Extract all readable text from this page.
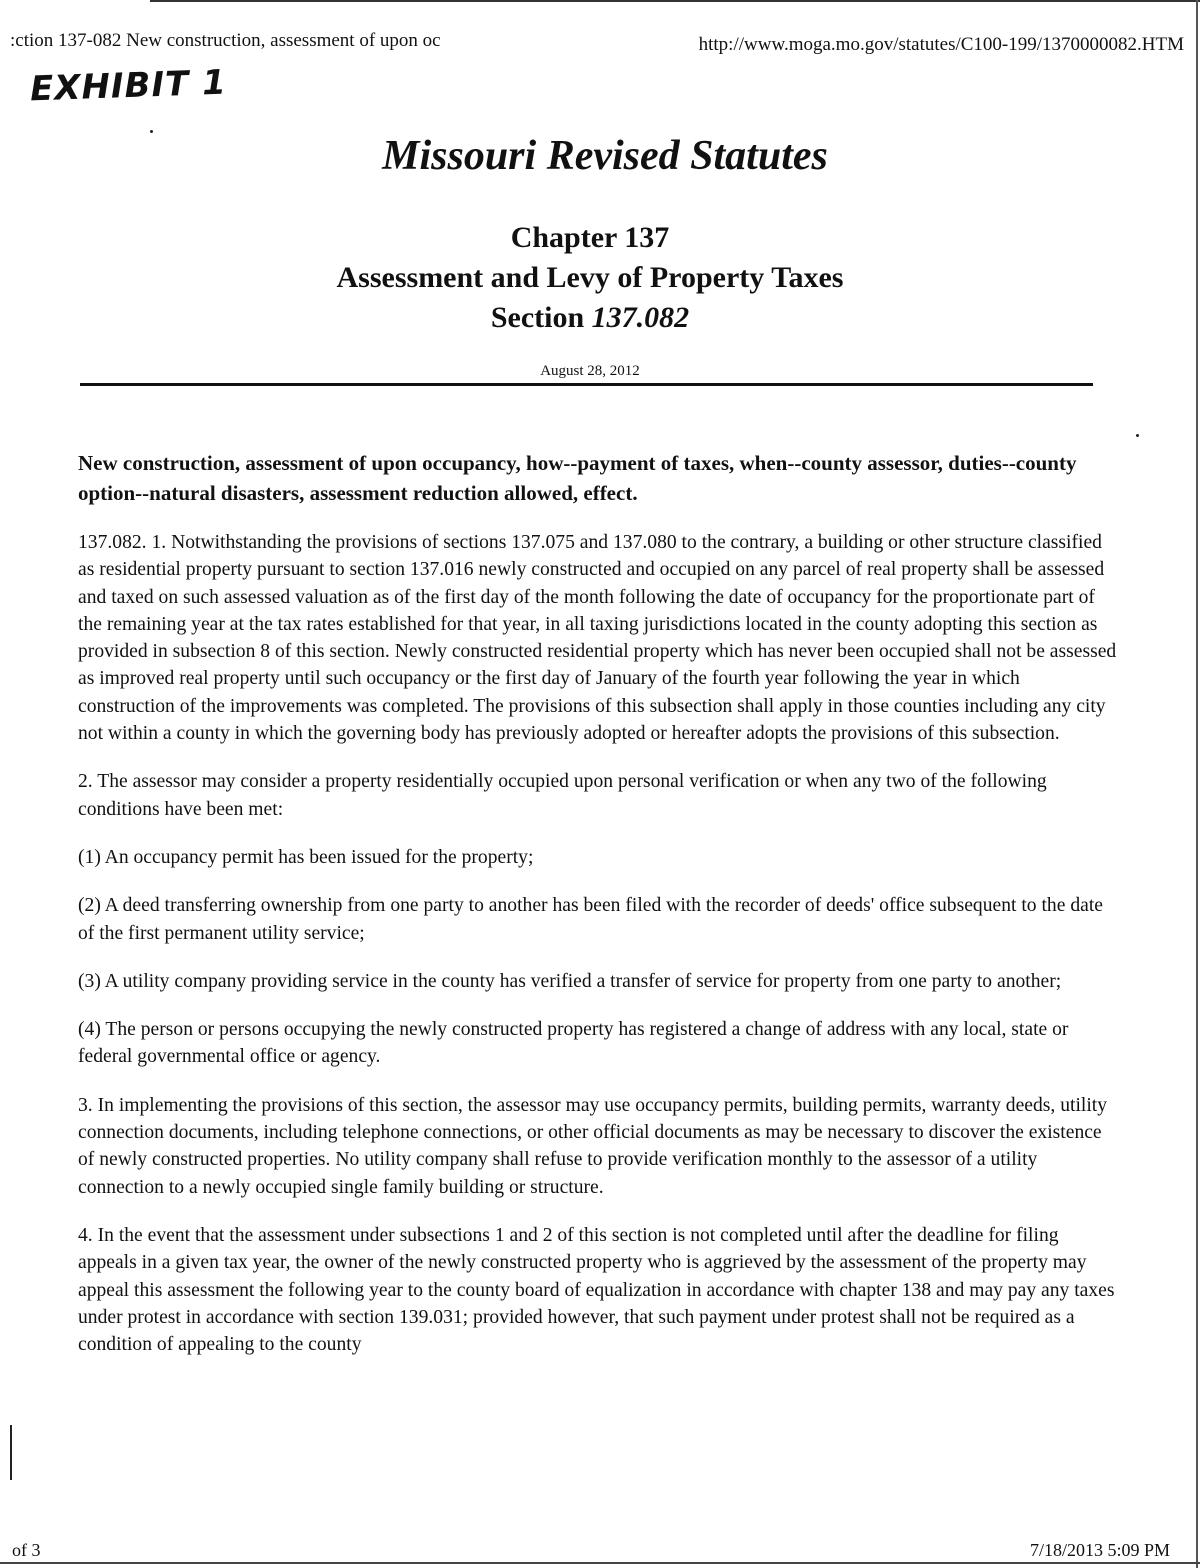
:ction 137-082 New construction, assessment of upon oc	http://www.moga.mo.gov/statutes/C100-199/1370000082.HTM
EXHIBIT 1
Missouri Revised Statutes
Chapter 137
Assessment and Levy of Property Taxes
Section 137.082
August 28, 2012
New construction, assessment of upon occupancy, how--payment of taxes, when--county assessor, duties--county option--natural disasters, assessment reduction allowed, effect.

137.082. 1. Notwithstanding the provisions of sections 137.075 and 137.080 to the contrary, a building or other structure classified as residential property pursuant to section 137.016 newly constructed and occupied on any parcel of real property shall be assessed and taxed on such assessed valuation as of the first day of the month following the date of occupancy for the proportionate part of the remaining year at the tax rates established for that year, in all taxing jurisdictions located in the county adopting this section as provided in subsection 8 of this section. Newly constructed residential property which has never been occupied shall not be assessed as improved real property until such occupancy or the first day of January of the fourth year following the year in which construction of the improvements was completed. The provisions of this subsection shall apply in those counties including any city not within a county in which the governing body has previously adopted or hereafter adopts the provisions of this subsection.

2. The assessor may consider a property residentially occupied upon personal verification or when any two of the following conditions have been met:

(1) An occupancy permit has been issued for the property;

(2) A deed transferring ownership from one party to another has been filed with the recorder of deeds' office subsequent to the date of the first permanent utility service;

(3) A utility company providing service in the county has verified a transfer of service for property from one party to another;

(4) The person or persons occupying the newly constructed property has registered a change of address with any local, state or federal governmental office or agency.

3. In implementing the provisions of this section, the assessor may use occupancy permits, building permits, warranty deeds, utility connection documents, including telephone connections, or other official documents as may be necessary to discover the existence of newly constructed properties. No utility company shall refuse to provide verification monthly to the assessor of a utility connection to a newly occupied single family building or structure.

4. In the event that the assessment under subsections 1 and 2 of this section is not completed until after the deadline for filing appeals in a given tax year, the owner of the newly constructed property who is aggrieved by the assessment of the property may appeal this assessment the following year to the county board of equalization in accordance with chapter 138 and may pay any taxes under protest in accordance with section 139.031; provided however, that such payment under protest shall not be required as a condition of appealing to the county

of 3	7/18/2013 5:09 PM
